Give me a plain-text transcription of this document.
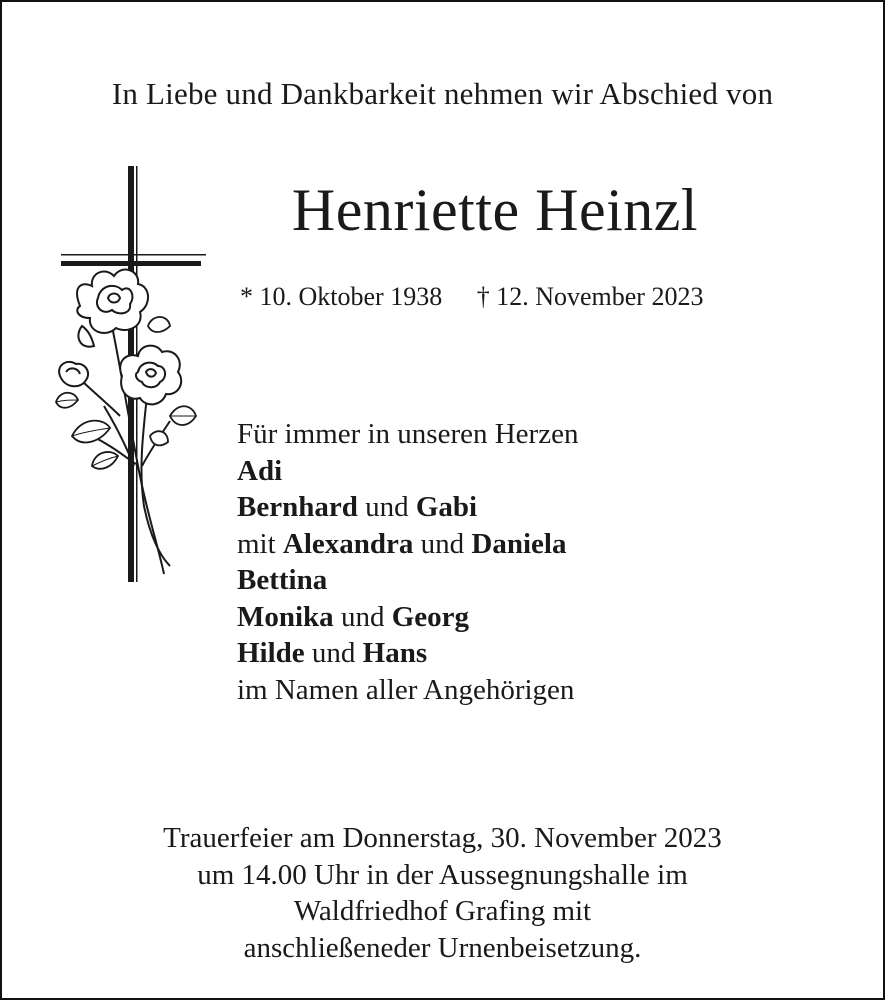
In Liebe und Dankbarkeit nehmen wir Abschied von
Henriette Heinzl
* 10. Oktober 1938 † 12. November 2023
Für immer in unseren Herzen
Adi
Bernhard und Gabi
mit Alexandra und Daniela
Bettina
Monika und Georg
Hilde und Hans
im Namen aller Angehörigen
Trauerfeier am Donnerstag, 30. November 2023
um 14.00 Uhr in der Aussegnungshalle im
Waldfriedhof Grafing mit
anschließeneder Urnenbeisetzung.
